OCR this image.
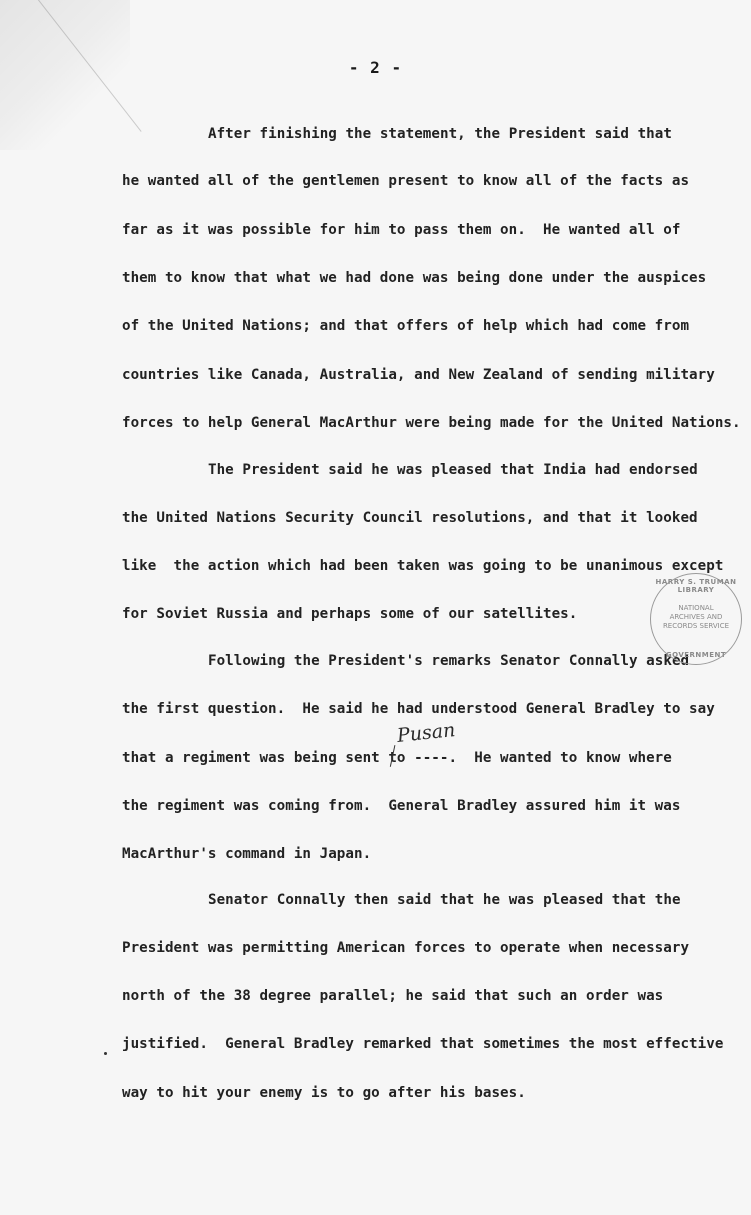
- 2 -
After finishing the statement, the President said that
he wanted all of the gentlemen present to know all of the facts as
far as it was possible for him to pass them on.  He wanted all of
them to know that what we had done was being done under the auspices
of the United Nations; and that offers of help which had come from
countries like Canada, Australia, and New Zealand of sending military
forces to help General MacArthur were being made for the United Nations.
The President said he was pleased that India had endorsed
the United Nations Security Council resolutions, and that it looked
like  the action which had been taken was going to be unanimous except
for Soviet Russia and perhaps some of our satellites.
Following the President's remarks Senator Connally asked
the first question.  He said he had understood General Bradley to say
that a regiment was being sent to ----.  He wanted to know where
the regiment was coming from.  General Bradley assured him it was
MacArthur's command in Japan.
Senator Connally then said that he was pleased that the
President was permitting American forces to operate when necessary
north of the 38 degree parallel; he said that such an order was
justified.  General Bradley remarked that sometimes the most effective
way to hit your enemy is to go after his bases.
Pusan
HARRY S. TRUMAN LIBRARY
NATIONAL ARCHIVES AND RECORDS SERVICE
GOVERNMENT
